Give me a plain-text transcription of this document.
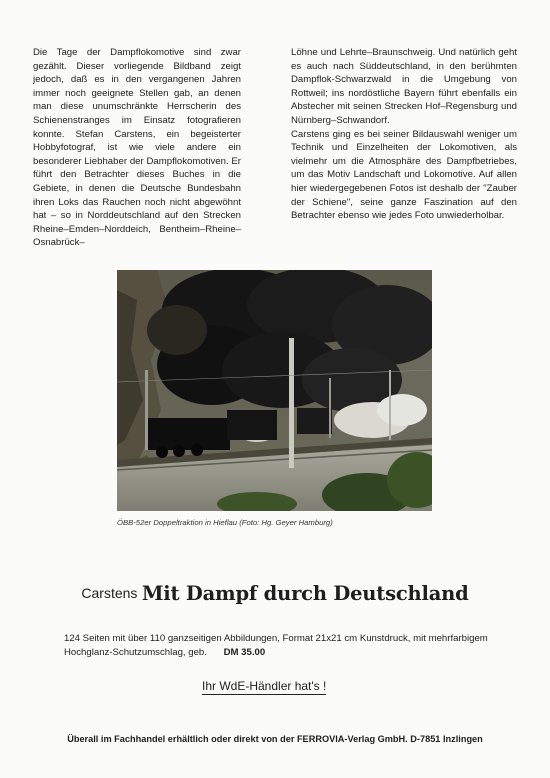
Die Tage der Dampflokomotive sind zwar gezählt. Dieser vorliegende Bildband zeigt jedoch, daß es in den vergangenen Jahren immer noch geeignete Stellen gab, an denen man diese unumschränkte Herrscherin des Schienenstranges im Einsatz fotografieren konnte. Stefan Carstens, ein begeisterter Hobbyfotograf, ist wie viele andere ein besonderer Liebhaber der Dampflokomotiven. Er führt den Betrachter dieses Buches in die Gebiete, in denen die Deutsche Bundesbahn ihren Loks das Rauchen noch nicht abgewöhnt hat – so in Norddeutschland auf den Strecken Rheine–Emden–Norddeich, Bentheim–Rheine–Osnabrück–

Löhne und Lehrte–Braunschweig. Und natürlich geht es auch nach Süddeutschland, in den berühmten Dampflok-Schwarzwald in die Umgebung von Rottweil; ins nordöstliche Bayern führt ebenfalls ein Abstecher mit seinen Strecken Hof–Regensburg und Nürnberg–Schwandorf.

Carstens ging es bei seiner Bildauswahl weniger um Technik und Einzelheiten der Lokomotiven, als vielmehr um die Atmosphäre des Dampfbetriebes, um das Motiv Landschaft und Lokomotive. Auf allen hier wiedergegebenen Fotos ist deshalb der "Zauber der Schiene", seine ganze Faszination auf den Betrachter ebenso wie jedes Foto unwiederholbar.

ÖBB-52er Doppeltraktion in Hieflau (Foto: Hg. Geyer Hamburg)
Carstens Mit Dampf durch Deutschland
124 Seiten mit über 110 ganzseitigen Abbildungen, Format 21x21 cm Kunstdruck, mit mehrfarbigem Hochglanz-Schutzumschlag, geb. DM 35.00
Ihr WdE-Händler hat's !
Überall im Fachhandel erhältlich oder direkt von der FERROVIA-Verlag GmbH. D-7851 Inzlingen
